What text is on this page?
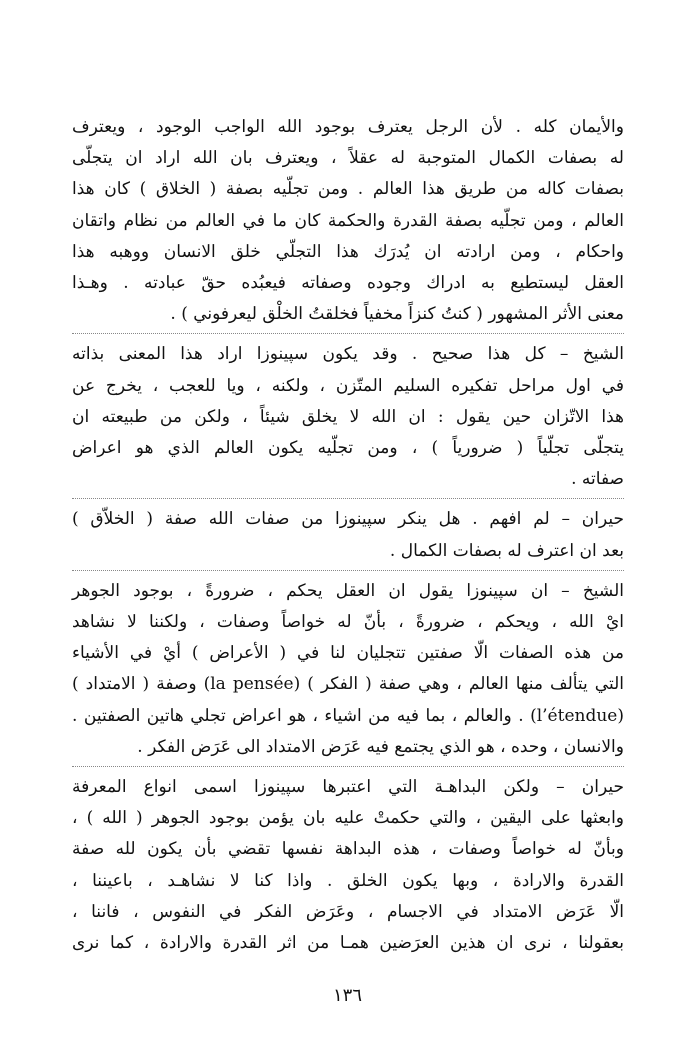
والأيمان كله . لأن الرجل يعترف بوجود الله الواجب الوجود ، ويعترف
له بصفات الكمال المتوجبة له عقلاً ، ويعترف بان الله اراد ان يتجلّى
بصفات كاله من طريق هذا العالم . ومن تجلّيه بصفة ( الخلاق ) كان هذا
العالم ، ومن تجلّيه بصفة القدرة والحكمة كان ما في العالم من نظام واتقان
واحكام ، ومن ارادته ان يُدرَك هذا التجلّي خلق الانسان ووهبه هذا
العقل ليستطيع به ادراك وجوده وصفاته فيعبُده حقّ عبادته . وهـذا
معنى الأثر المشهور ( كنتُ كنزاً مخفياً فخلقتُ الخلْق ليعرفوني ) .

الشيخ – كل هذا صحيح . وقد يكون سپينوزا اراد هذا المعنى بذاته
في اول مراحل تفكيره السليم المتّزن ، ولكنه ، ويا للعجب ، يخرج عن
هذا الاتّزان حين يقول : ان الله لا يخلق شيئاً ، ولكن من طبيعته ان
يتجلّى تجلّياً ( ضرورياً ) ، ومن تجلّيه يكون العالم الذي هو اعراض
صفاته .

حيران – لم افهم . هل ينكر سپينوزا من صفات الله صفة ( الخلاّق )
بعد ان اعترف له بصفات الكمال .

الشيخ – ان سپينوزا يقول ان العقل يحكم ، ضرورةً ، بوجود الجوهر
ايْ الله ، ويحكم ، ضرورةً ، بأنّ له خواصاً وصفات ، ولكننا لا نشاهد
من هذه الصفات الّا صفتين تتجليان لنا في ( الأعراض ) أيْ في الأشياء
التي يتألف منها العالم ، وهي صفة ( الفكر ) (la pensée) وصفة ( الامتداد )
(l’étendue) . والعالم ، بما فيه من اشياء ، هو اعراض تجلي هاتين الصفتين .
والانسان ، وحده ، هو الذي يجتمع فيه عَرَض الامتداد الى عَرَض الفكر .

حيران – ولكن البداهـة التي اعتبرها سپينوزا اسمى انواع المعرفة
وابعثها على اليقين ، والتي حكمتْ عليه بان يؤمن بوجود الجوهر ( الله ) ،
وبأنّ له خواصاً وصفات ، هذه البداهة نفسها تقضي بأن يكون لله صفة
القدرة والارادة ، وبها يكون الخلق . واذا كنا لا نشاهـد ، باعيننا ،
الّا عَرَض الامتداد في الاجسام ، وعَرَض الفكر في النفوس ، فاننا ،
بعقولنا ، نرى ان هذين العرَضين همـا من اثر القدرة والارادة ، كما نرى

١٣٦
